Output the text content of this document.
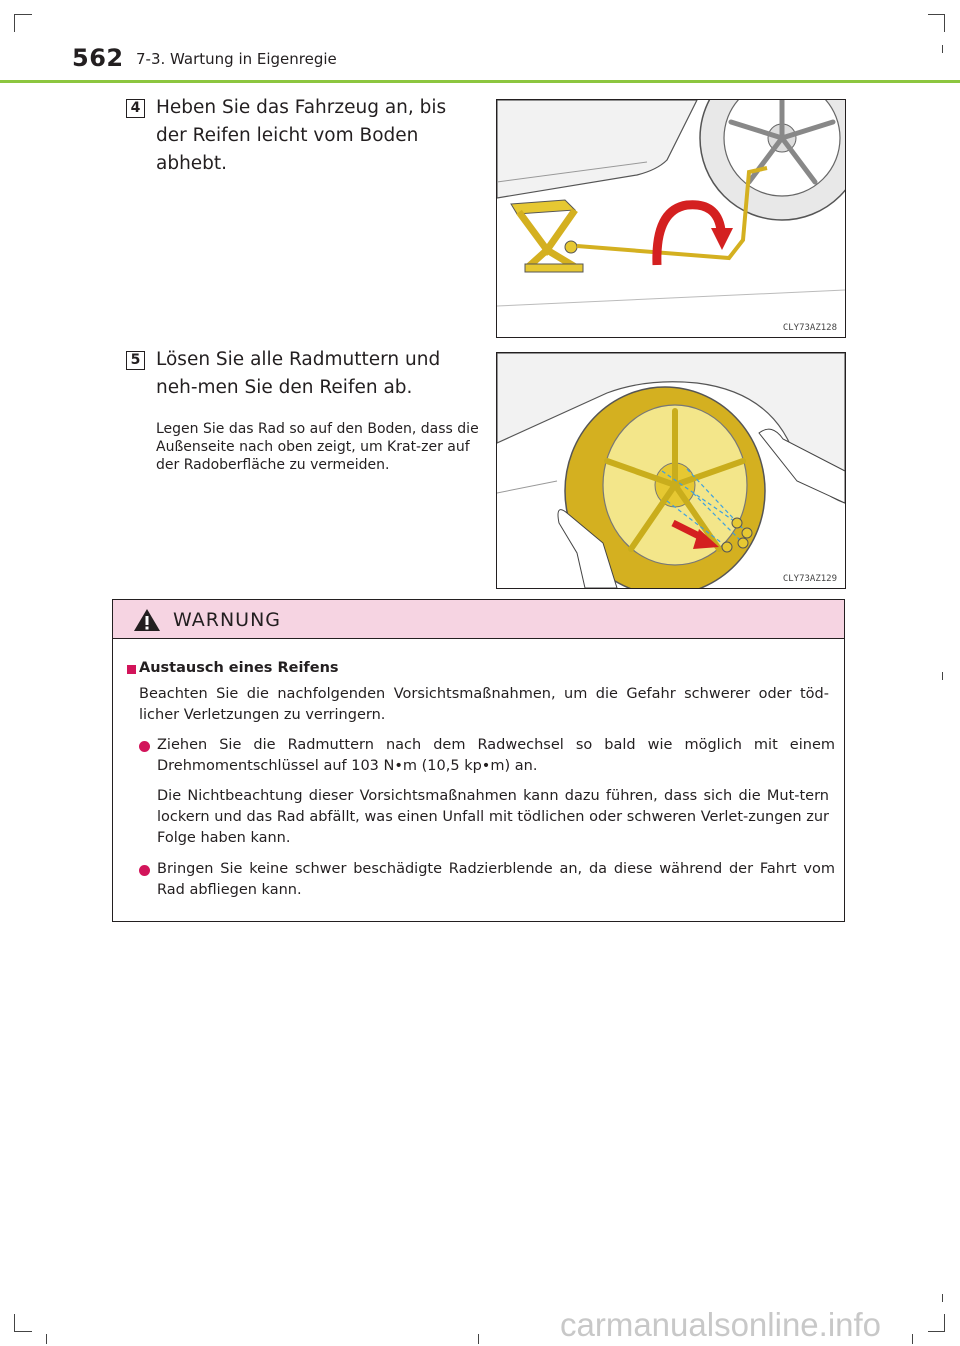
562 7-3. Wartung in Eigenregie
4 Heben Sie das Fahrzeug an, bis der Reifen leicht vom Boden abhebt.
CLY73AZ128
5 Lösen Sie alle Radmuttern und neh-men Sie den Reifen ab.
Legen Sie das Rad so auf den Boden, dass die Außenseite nach oben zeigt, um Krat-zer auf der Radoberfläche zu vermeiden.
CLY73AZ129
WARNUNG
Austausch eines Reifens
Beachten Sie die nachfolgenden Vorsichtsmaßnahmen, um die Gefahr schwerer oder töd-licher Verletzungen zu verringern.
Ziehen Sie die Radmuttern nach dem Radwechsel so bald wie möglich mit einem Drehmomentschlüssel auf 103 N•m (10,5 kp•m) an.
Die Nichtbeachtung dieser Vorsichtsmaßnahmen kann dazu führen, dass sich die Mut-tern lockern und das Rad abfällt, was einen Unfall mit tödlichen oder schweren Verlet-zungen zur Folge haben kann.
Bringen Sie keine schwer beschädigte Radzierblende an, da diese während der Fahrt vom Rad abfliegen kann.
carmanualsonline.info
